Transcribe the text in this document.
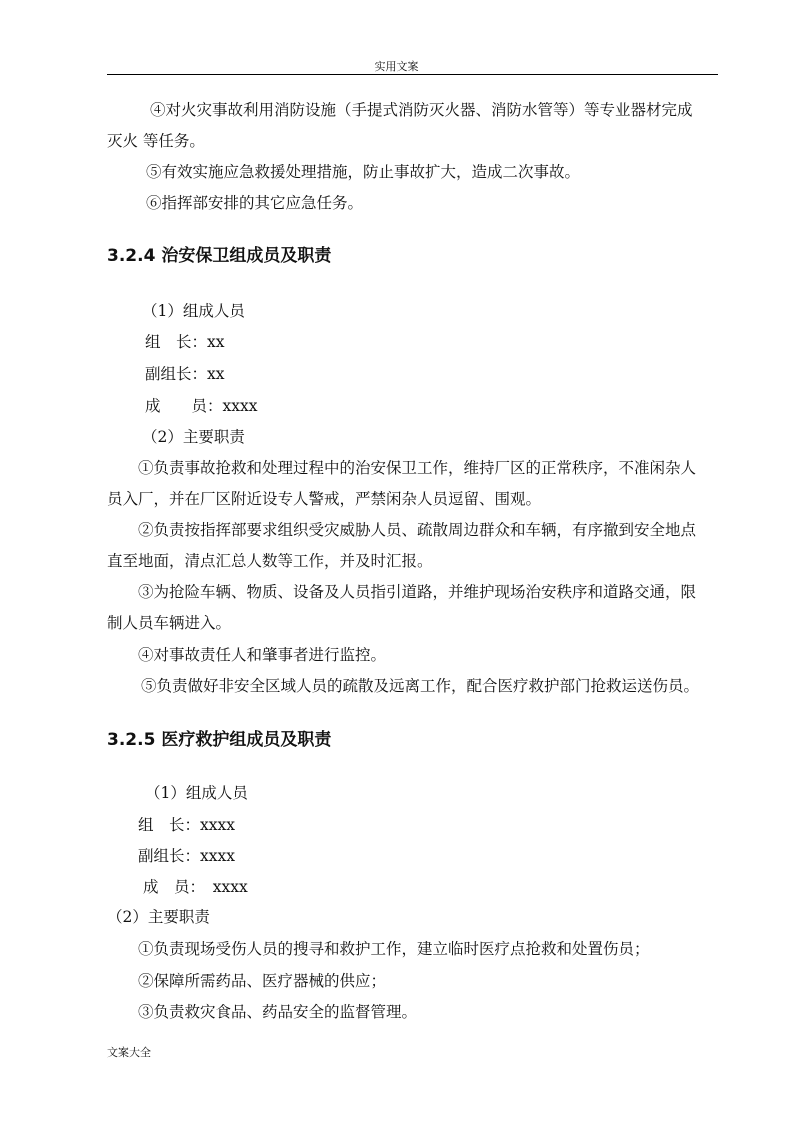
实用文案
④对火灾事故利用消防设施（手提式消防灭火器、消防水管等）等专业器材完成
灭火 等任务。
⑤有效实施应急救援处理措施，防止事故扩大，造成二次事故。
⑥指挥部安排的其它应急任务。
3.2.4 治安保卫组成员及职责
（1）组成人员
组　长：xx
副组长：xx
成　　员：xxxx
（2）主要职责
①负责事故抢救和处理过程中的治安保卫工作，维持厂区的正常秩序，不准闲杂人
员入厂，并在厂区附近设专人警戒，严禁闲杂人员逗留、围观。
②负责按指挥部要求组织受灾威胁人员、疏散周边群众和车辆，有序撤到安全地点
直至地面，清点汇总人数等工作，并及时汇报。
③为抢险车辆、物质、设备及人员指引道路，并维护现场治安秩序和道路交通，限
制人员车辆进入。
④对事故责任人和肇事者进行监控。
⑤负责做好非安全区域人员的疏散及远离工作，配合医疗救护部门抢救运送伤员。
3.2.5 医疗救护组成员及职责
（1）组成人员
组　长：xxxx
副组长：xxxx
成　员：　xxxx
（2）主要职责
①负责现场受伤人员的搜寻和救护工作，建立临时医疗点抢救和处置伤员；
②保障所需药品、医疗器械的供应；
③负责救灾食品、药品安全的监督管理。
文案大全
